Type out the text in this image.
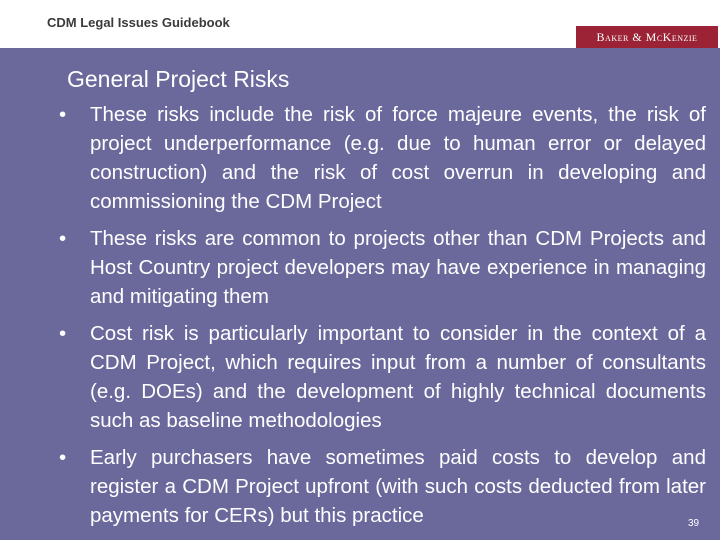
CDM Legal Issues Guidebook
Baker & McKenzie
General Project Risks
• These risks include the risk of force majeure events, the risk of project underperformance (e.g. due to human error or delayed construction) and the risk of cost overrun in developing and commissioning the CDM Project
• These risks are common to projects other than CDM Projects and Host Country project developers may have experience in managing and mitigating them
• Cost risk is particularly important to consider in the context of a CDM Project, which requires input from a number of consultants (e.g. DOEs) and the development of highly technical documents such as baseline methodologies
• Early purchasers have sometimes paid costs to develop and register a CDM Project upfront (with such costs deducted from later payments for CERs) but this practice	39
